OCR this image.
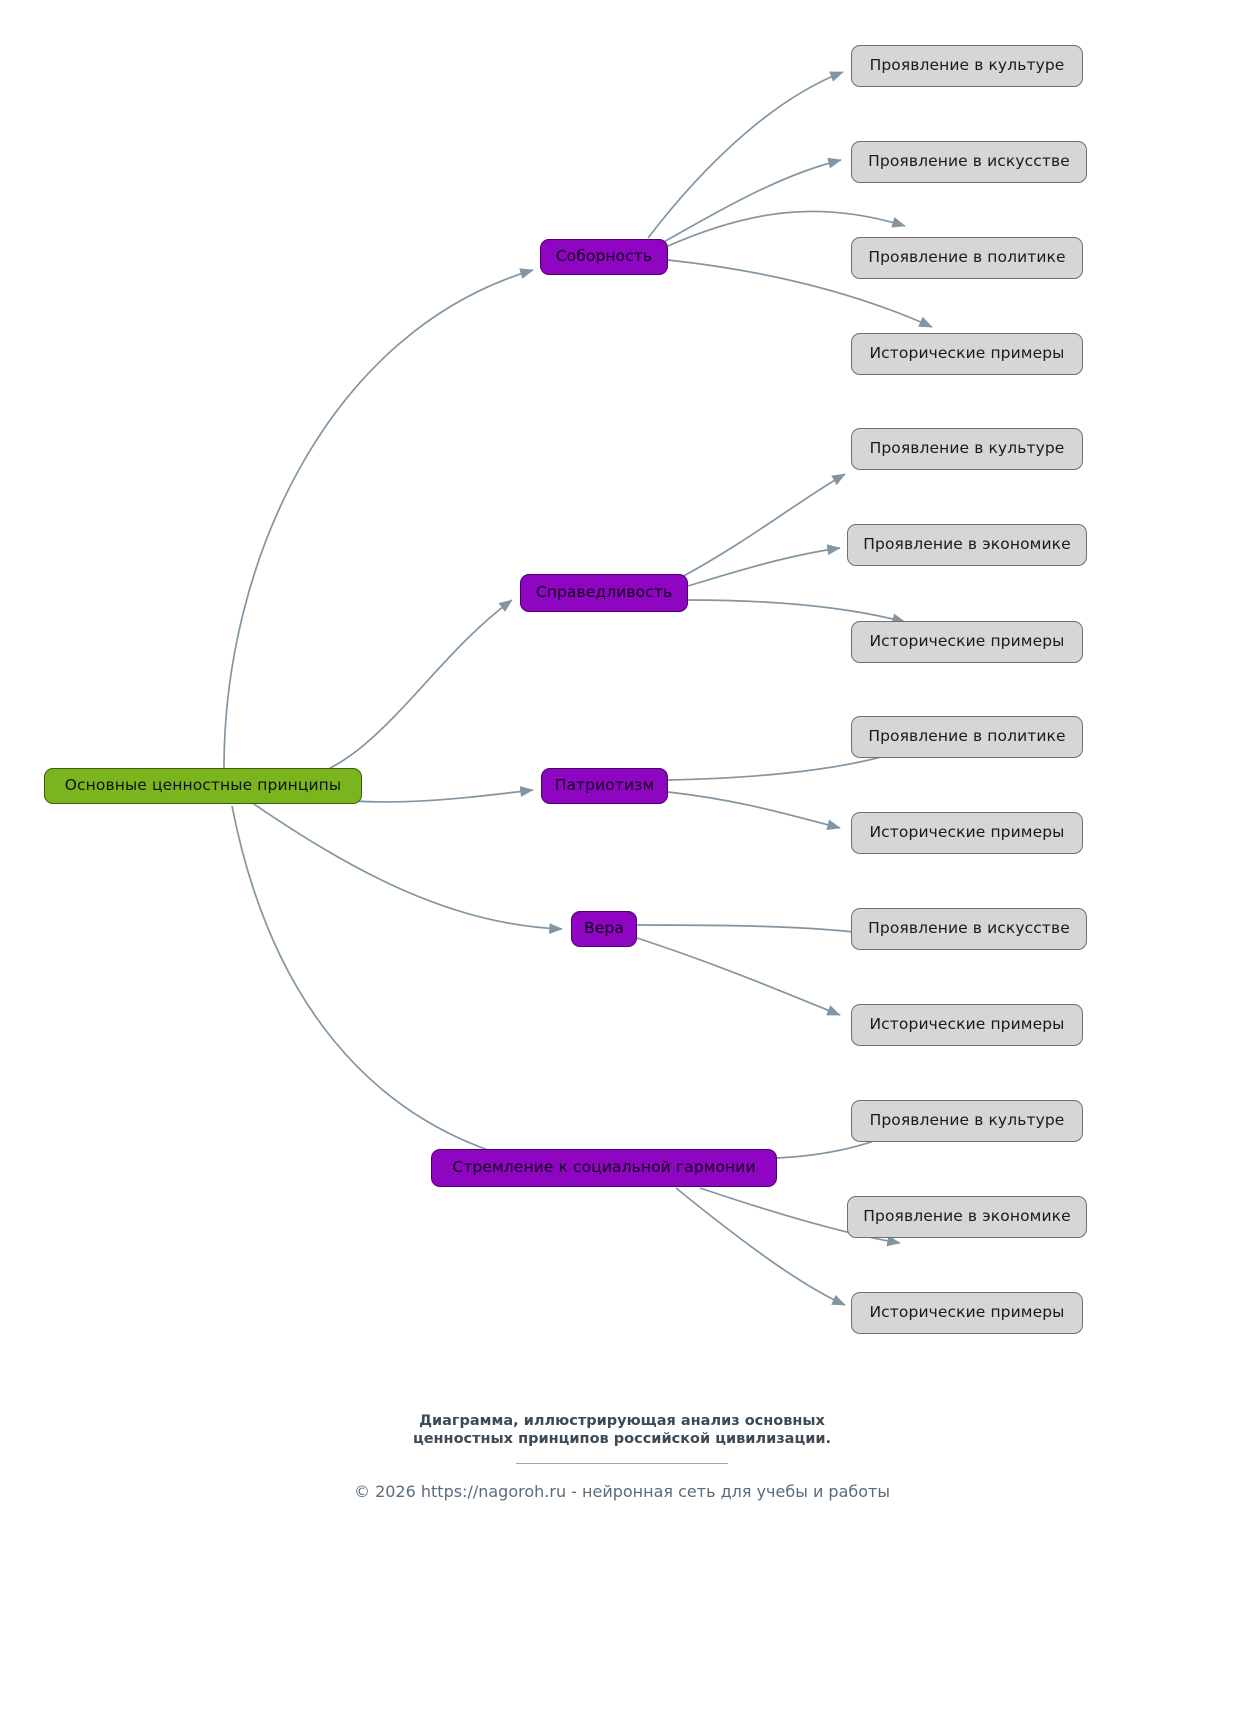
Основные ценностные принципы
Соборность
Справедливость
Патриотизм
Вера
Стремление к социальной гармонии
Проявление в культуре
Проявление в искусстве
Проявление в политике
Исторические примеры
Проявление в культуре
Проявление в экономике
Исторические примеры
Проявление в политике
Исторические примеры
Проявление в искусстве
Исторические примеры
Проявление в культуре
Проявление в экономике
Исторические примеры
Диаграмма, иллюстрирующая анализ основных
ценностных принципов российской цивилизации.
© 2026 https://nagoroh.ru - нейронная сеть для учебы и работы
